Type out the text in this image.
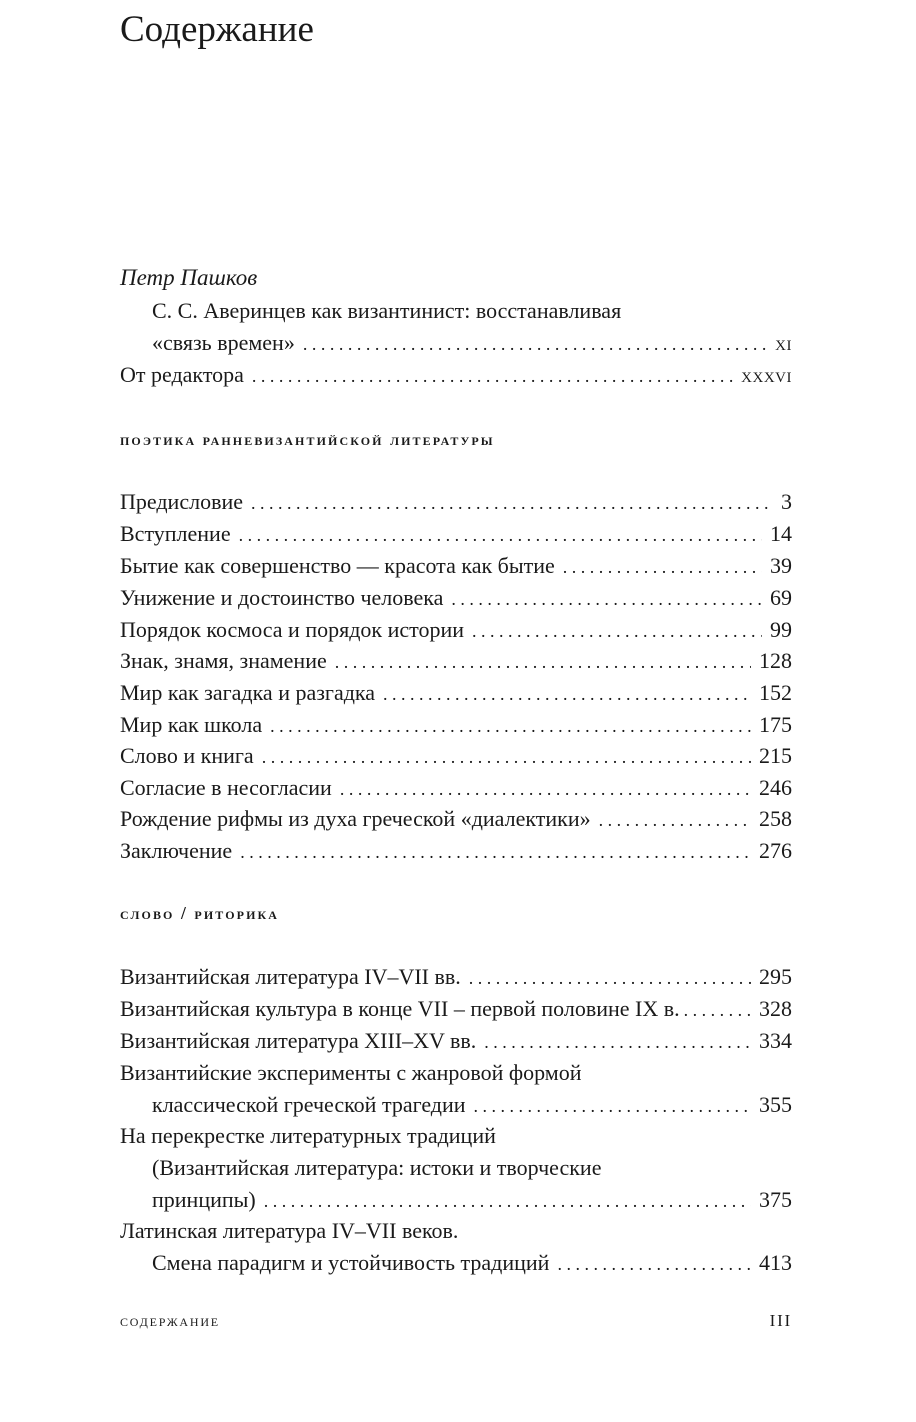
Содержание

Петр Пашков

С. С. Аверинцев как византинист: восстанавливая
«связь времен» . . .	xi
От редактора . . .	xxxvi
поэтика ранневизантийской литературы
Предисловие . . .	3
Вступление . . .	14
Бытие как совершенство — красота как бытие . . .	39
Унижение и достоинство человека . . .	69
Порядок космоса и порядок истории . . .	99
Знак, знамя, знамение . . .	128
Мир как загадка и разгадка . . .	152
Мир как школа . . .	175
Слово и книга . . .	215
Согласие в несогласии . . .	246
Рождение рифмы из духа греческой «диалектики» . . .	258
Заключение . . .	276
слово / риторика
Византийская литература IV–VII вв. . . .	295
Византийская культура в конце VII – первой половине IX в. . . .	328
Византийская литература XIII–XV вв. . . .	334
Византийские эксперименты с жанровой формой
классической греческой трагедии . . .	355
На перекрестке литературных традиций
(Византийская литература: истоки и творческие
принципы) . . .	375
Латинская литература IV–VII веков.
Смена парадигм и устойчивость традиций . . .	413
содержание	III
